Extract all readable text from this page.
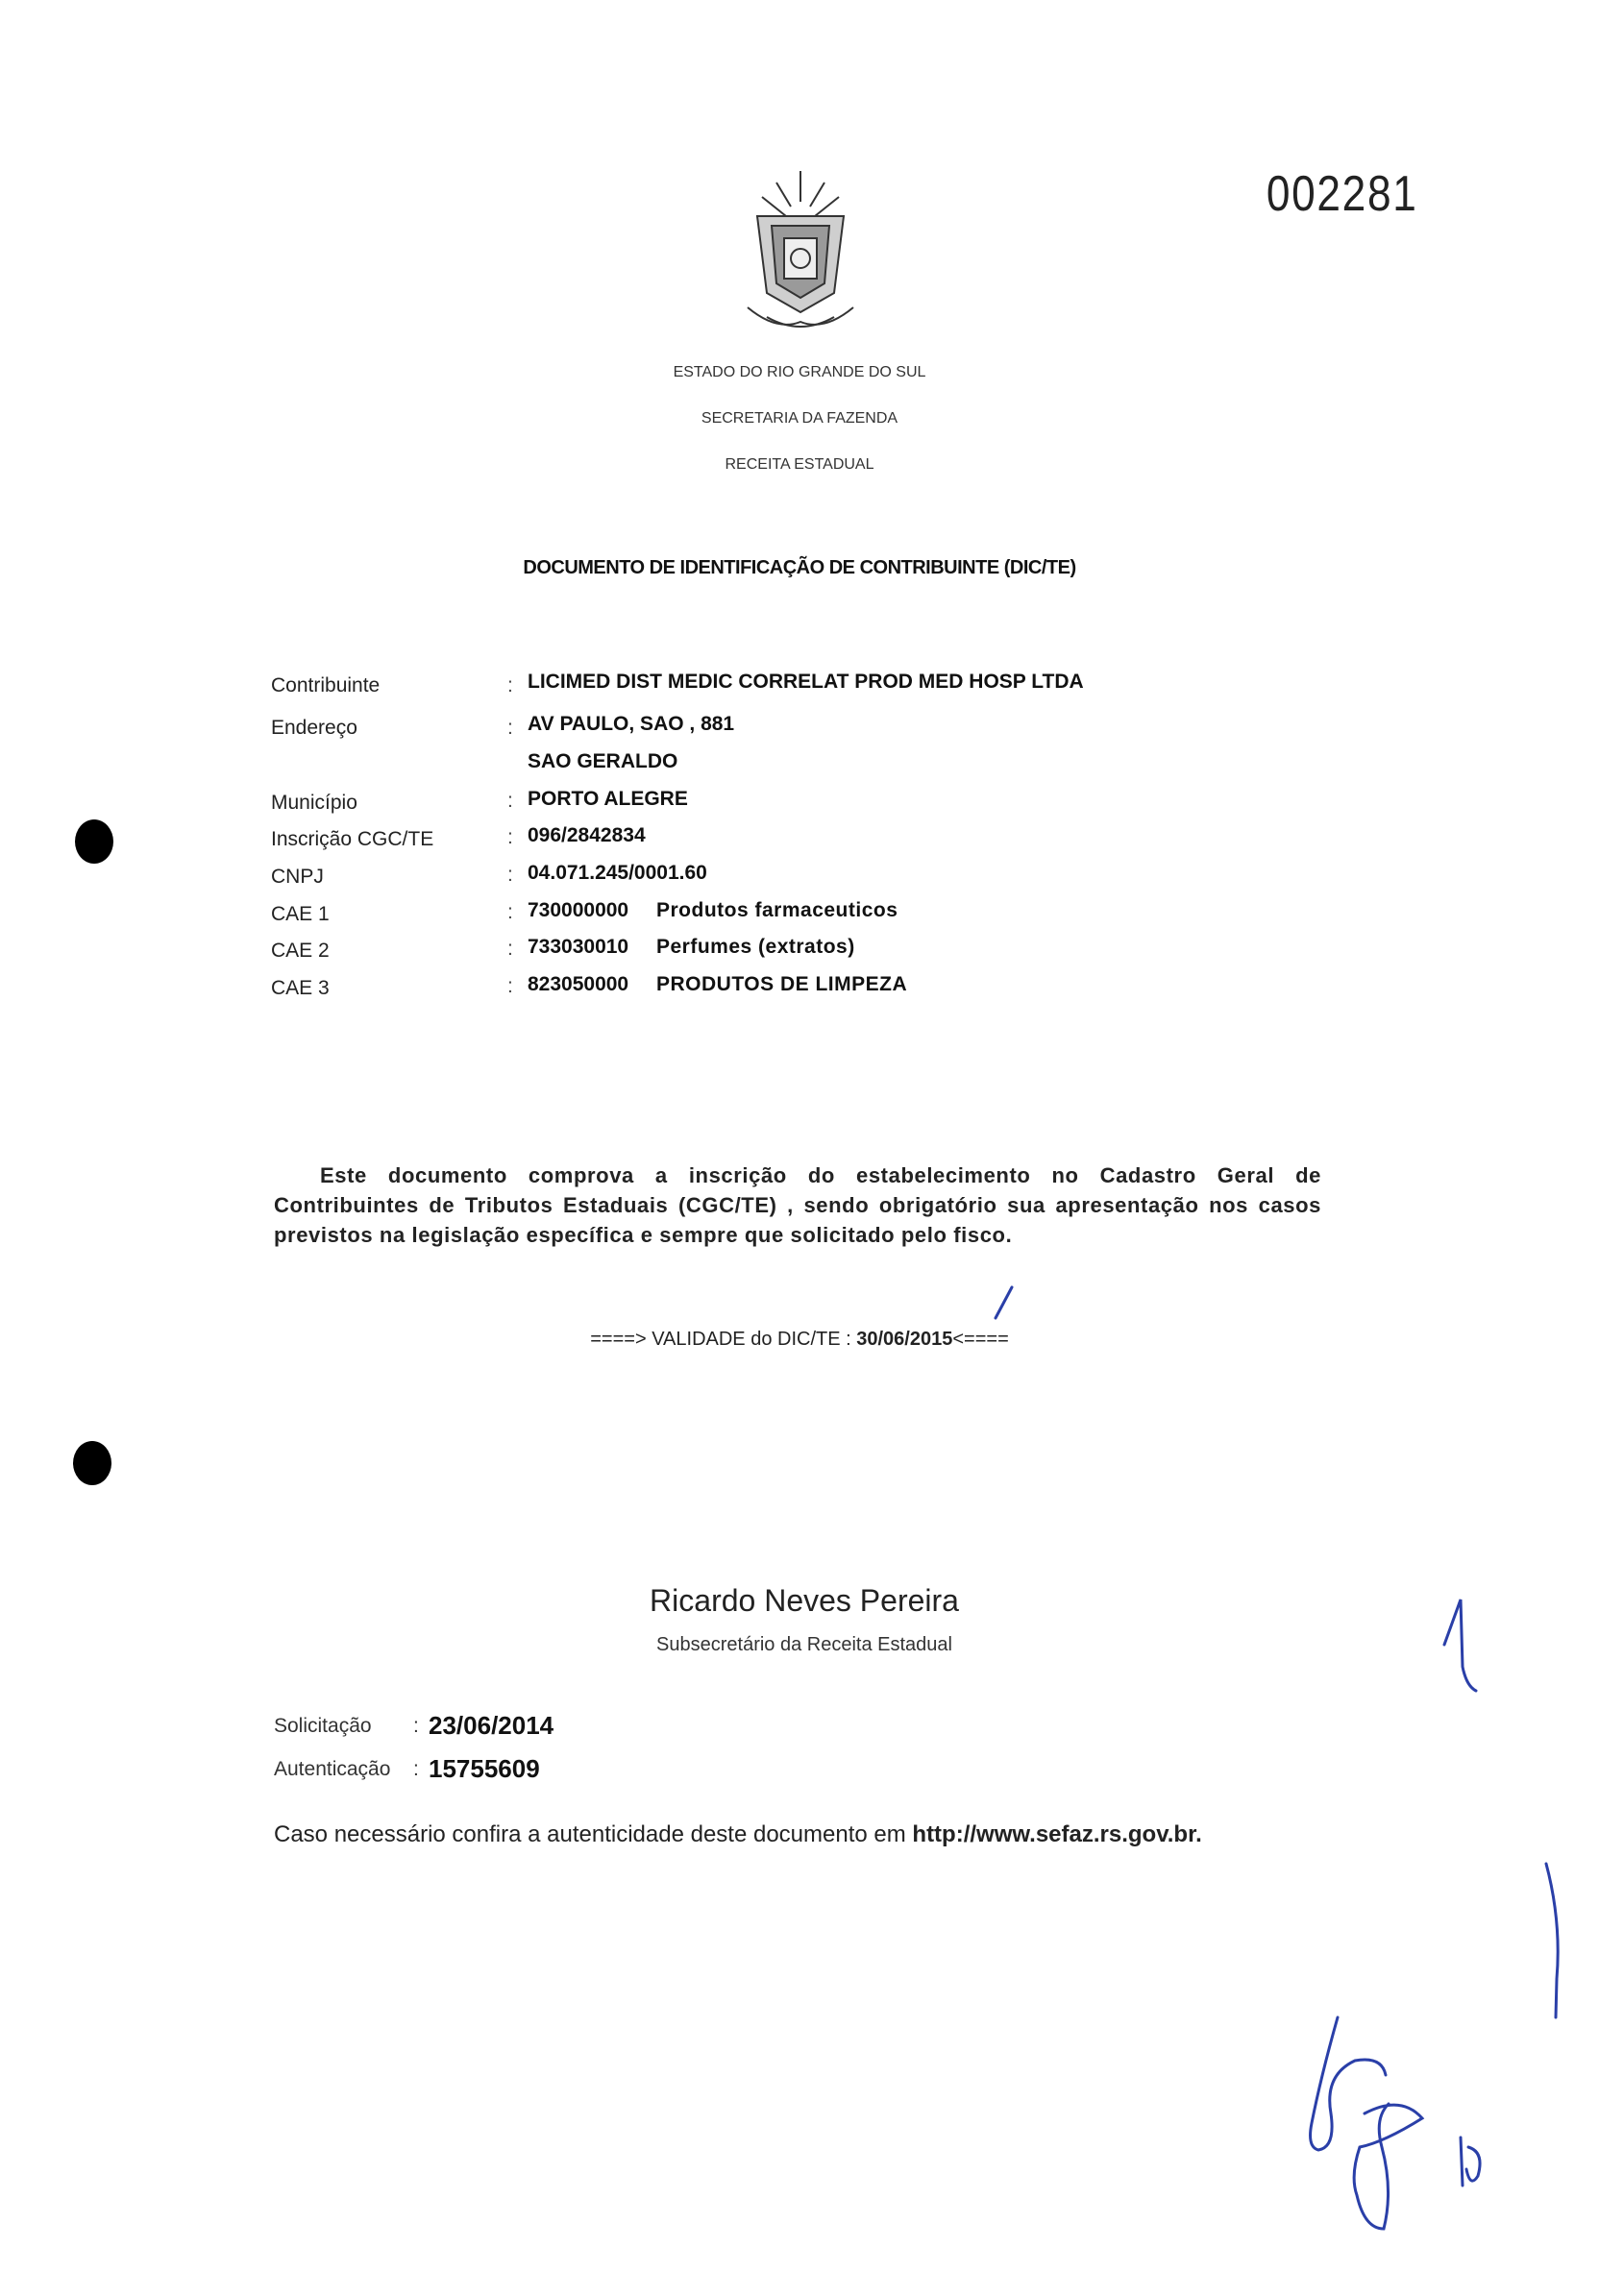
002281
ESTADO DO RIO GRANDE DO SUL
SECRETARIA DA FAZENDA
RECEITA ESTADUAL
DOCUMENTO DE IDENTIFICAÇÃO DE CONTRIBUINTE (DIC/TE)
Contribuinte	: LICIMED DIST MEDIC CORRELAT PROD MED HOSP LTDA
Endereço	: AV PAULO, SAO , 881
SAO GERALDO
Município	: PORTO ALEGRE
Inscrição CGC/TE	: 096/2842834
CNPJ	: 04.071.245/0001.60
CAE 1	: 730000000 Produtos farmaceuticos
CAE 2	: 733030010 Perfumes (extratos)
CAE 3	: 823050000 PRODUTOS DE LIMPEZA
Este documento comprova a inscrição do estabelecimento no Cadastro Geral de Contribuintes de Tributos Estaduais (CGC/TE) , sendo obrigatório sua apresentação nos casos previstos na legislação específica e sempre que solicitado pelo fisco.
====> VALIDADE do DIC/TE : 30/06/2015<====
Ricardo Neves Pereira
Subsecretário da Receita Estadual
Solicitação : 23/06/2014
Autenticação : 15755609
Caso necessário confira a autenticidade deste documento em http://www.sefaz.rs.gov.br.
